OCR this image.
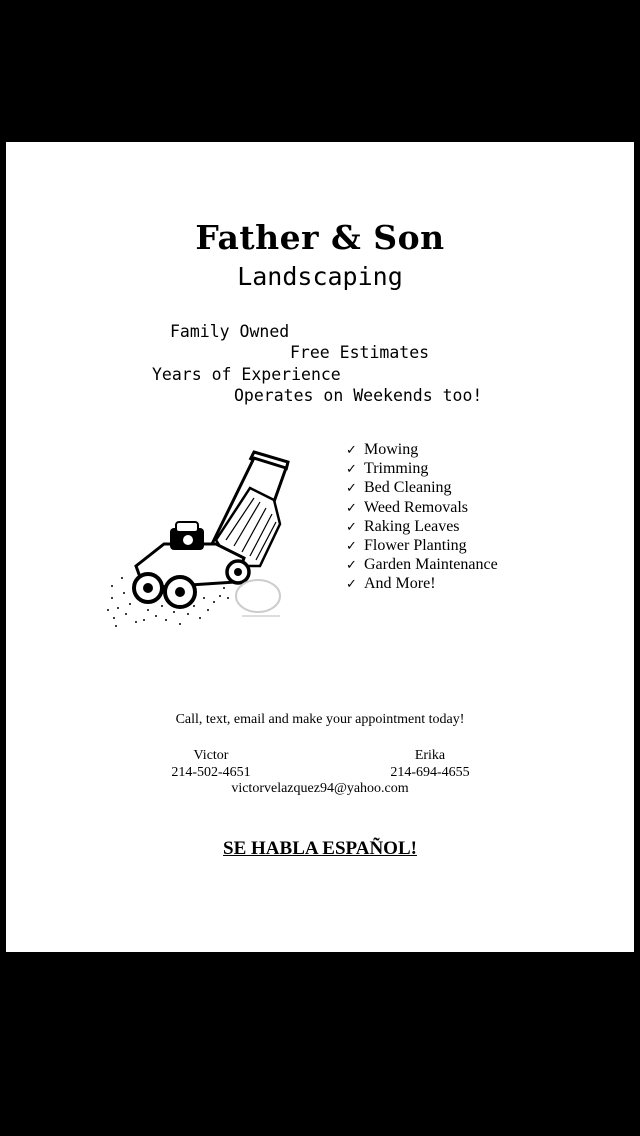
Father & Son
Landscaping
Family Owned
Free Estimates
Years of Experience
Operates on Weekends too!
✓ Mowing
✓ Trimming
✓ Bed Cleaning
✓ Weed Removals
✓ Raking Leaves
✓ Flower Planting
✓ Garden Maintenance
✓ And More!
Call, text, email and make your appointment today!
Victor
214-502-4651
Erika
214-694-4655
victorvelazquez94@yahoo.com
SE HABLA ESPAÑOL!
